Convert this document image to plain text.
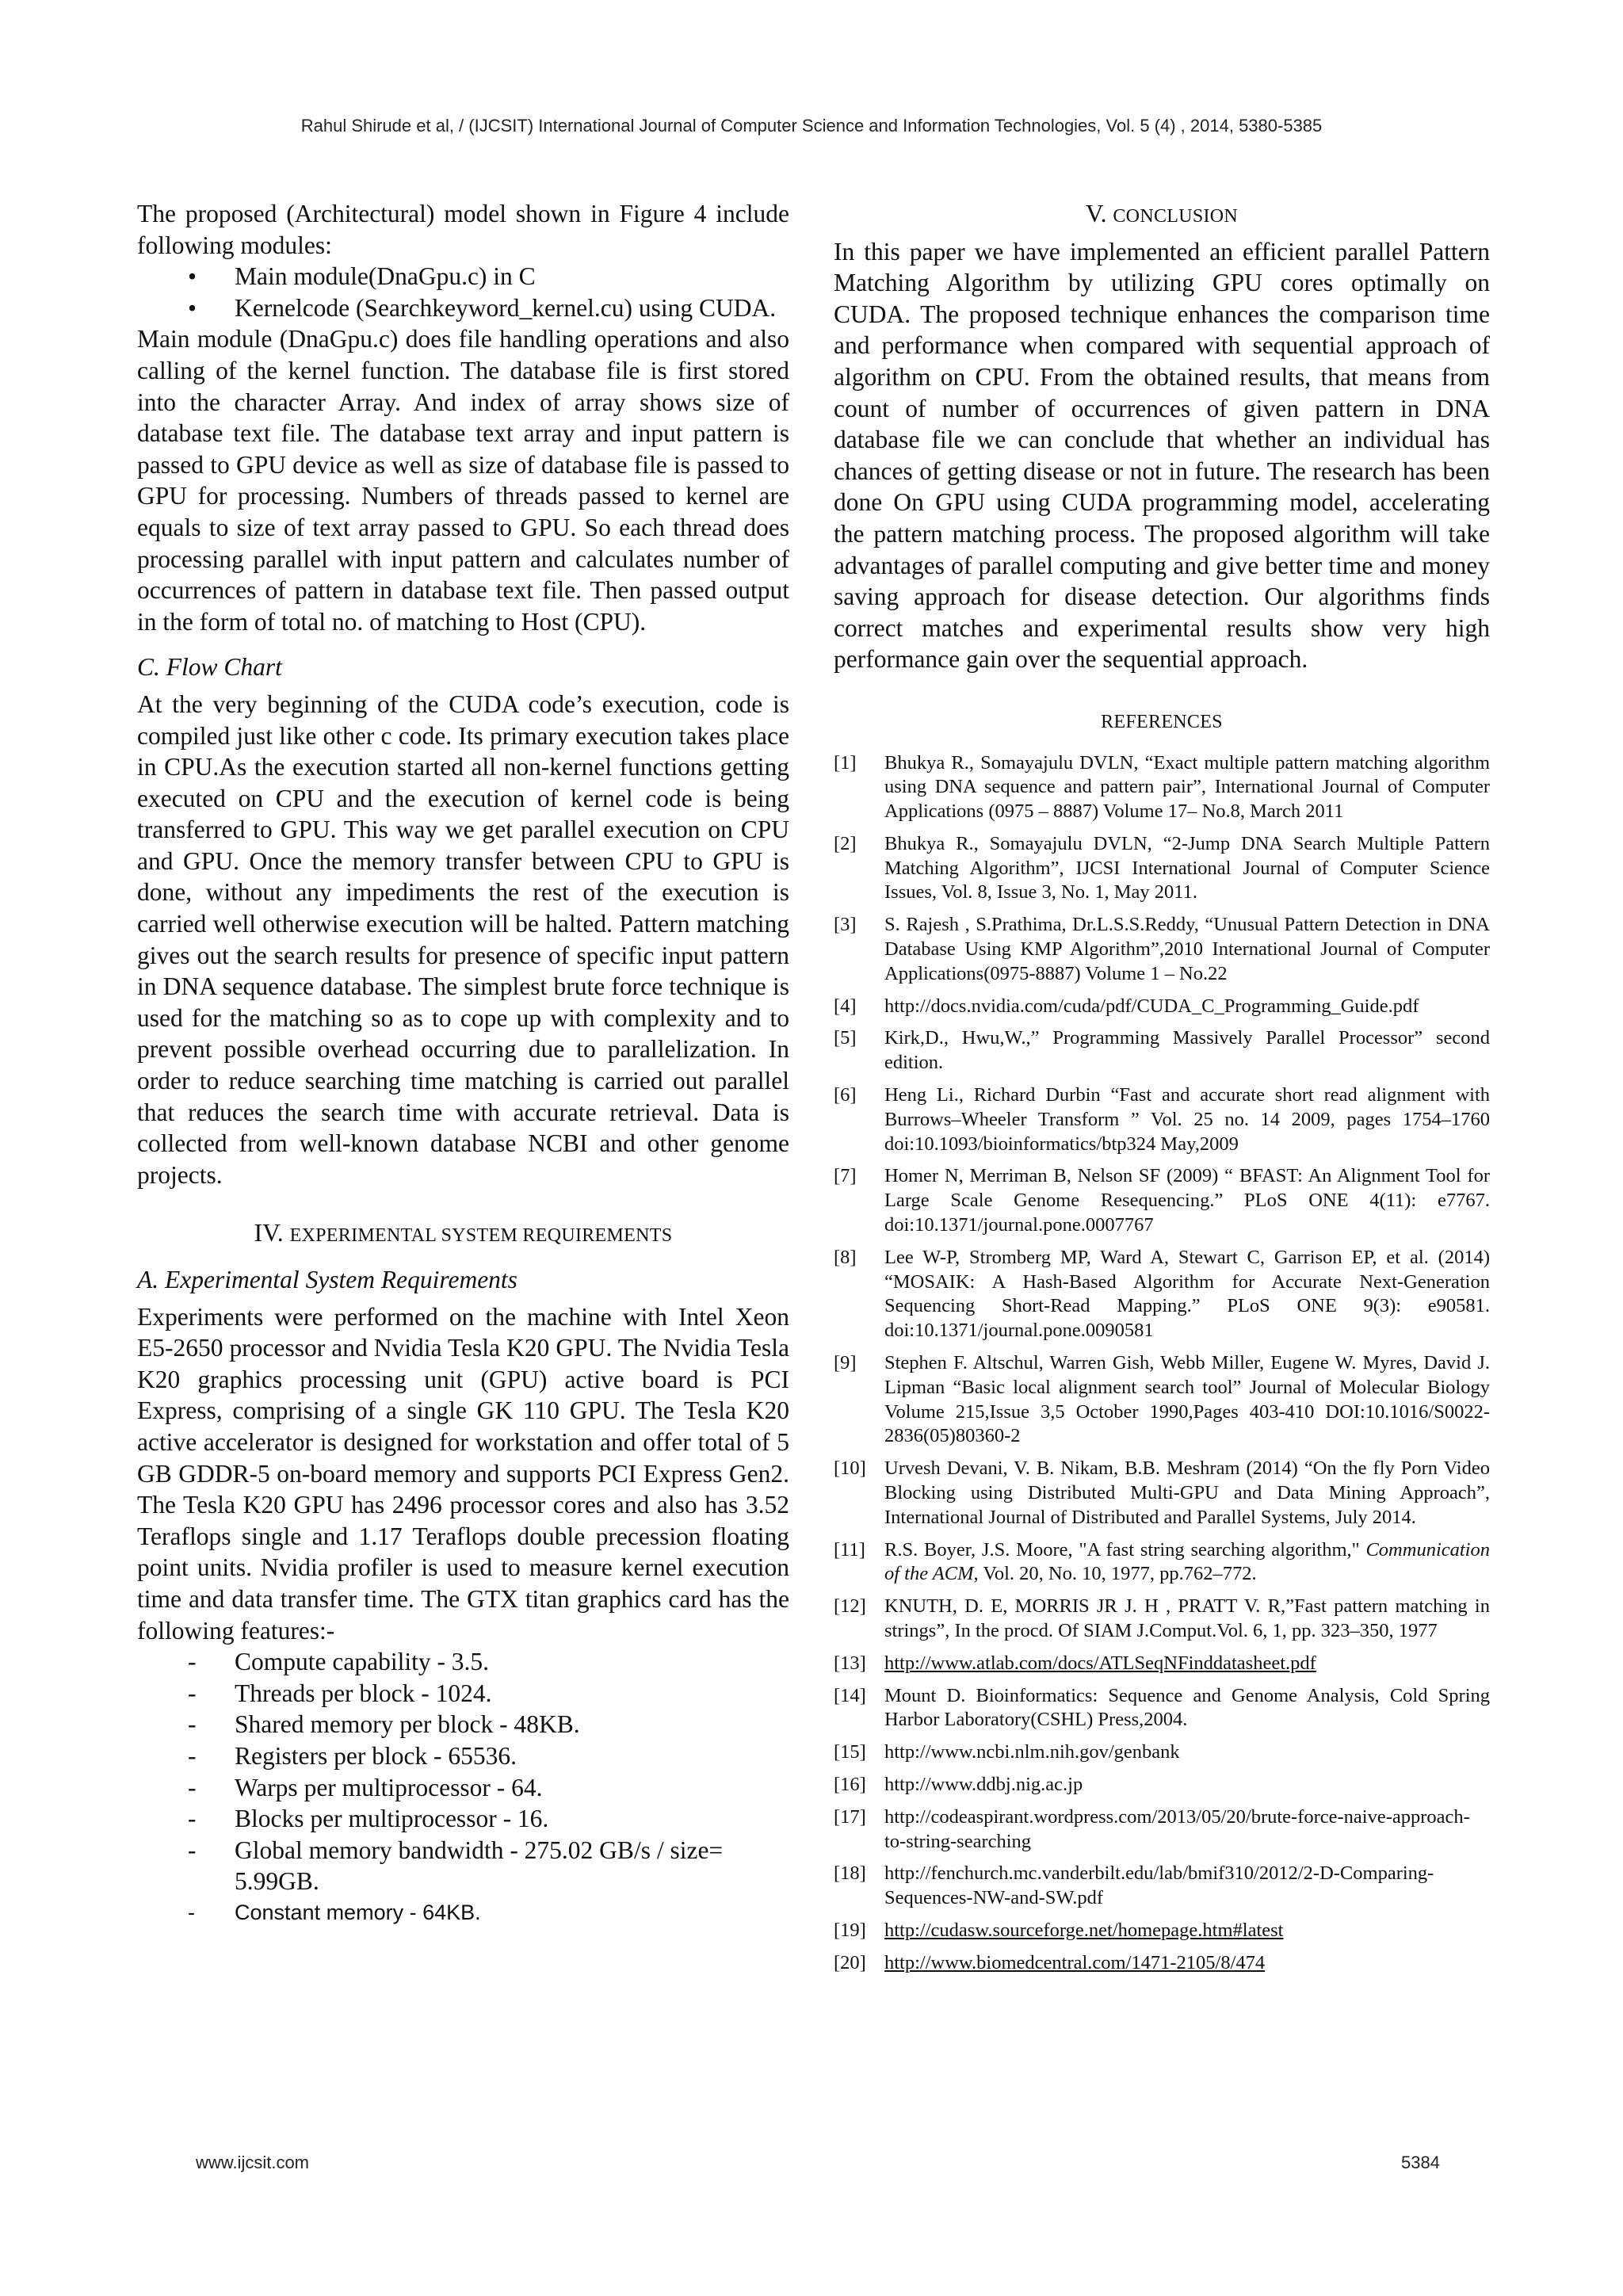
Rahul Shirude et al, / (IJCSIT) International Journal of Computer Science and Information Technologies, Vol. 5 (4) , 2014, 5380-5385

The proposed (Architectural) model shown in Figure 4 include following modules:

• Main module(DnaGpu.c) in C
• Kernelcode (Searchkeyword_kernel.cu) using CUDA.

Main module (DnaGpu.c) does file handling operations and also calling of the kernel function. The database file is first stored into the character Array. And index of array shows size of database text file. The database text array and input pattern is passed to GPU device as well as size of database file is passed to GPU for processing. Numbers of threads passed to kernel are equals to size of text array passed to GPU. So each thread does processing parallel with input pattern and calculates number of occurrences of pattern in database text file. Then passed output in the form of total no. of matching to Host (CPU).

C. Flow Chart

At the very beginning of the CUDA code’s execution, code is compiled just like other c code. Its primary execution takes place in CPU.As the execution started all non-kernel functions getting executed on CPU and the execution of kernel code is being transferred to GPU. This way we get parallel execution on CPU and GPU. Once the memory transfer between CPU to GPU is done, without any impediments the rest of the execution is carried well otherwise execution will be halted. Pattern matching gives out the search results for presence of specific input pattern in DNA sequence database. The simplest brute force technique is used for the matching so as to cope up with complexity and to prevent possible overhead occurring due to parallelization. In order to reduce searching time matching is carried out parallel that reduces the search time with accurate retrieval. Data is collected from well-known database NCBI and other genome projects.

IV. EXPERIMENTAL SYSTEM REQUIREMENTS
A. Experimental System Requirements

Experiments were performed on the machine with Intel Xeon E5-2650 processor and Nvidia Tesla K20 GPU. The Nvidia Tesla K20 graphics processing unit (GPU) active board is PCI Express, comprising of a single GK 110 GPU. The Tesla K20 active accelerator is designed for workstation and offer total of 5 GB GDDR-5 on-board memory and supports PCI Express Gen2. The Tesla K20 GPU has 2496 processor cores and also has 3.52 Teraflops single and 1.17 Teraflops double precession floating point units. Nvidia profiler is used to measure kernel execution time and data transfer time. The GTX titan graphics card has the following features:-

- Compute capability - 3.5.
- Threads per block - 1024.
- Shared memory per block - 48KB.
- Registers per block - 65536.
- Warps per multiprocessor - 64.
- Blocks per multiprocessor - 16.
- Global memory bandwidth - 275.02 GB/s / size= 5.99GB.
- Constant memory - 64KB.
V. CONCLUSION

In this paper we have implemented an efficient parallel Pattern Matching Algorithm by utilizing GPU cores optimally on CUDA. The proposed technique enhances the comparison time and performance when compared with sequential approach of algorithm on CPU. From the obtained results, that means from count of number of occurrences of given pattern in DNA database file we can conclude that whether an individual has chances of getting disease or not in future. The research has been done On GPU using CUDA programming model, accelerating the pattern matching process. The proposed algorithm will take advantages of parallel computing and give better time and money saving approach for disease detection. Our algorithms finds correct matches and experimental results show very high performance gain over the sequential approach.

REFERENCES
[1]	Bhukya R., Somayajulu DVLN, “Exact multiple pattern matching algorithm using DNA sequence and pattern pair”, International Journal of Computer Applications (0975 – 8887) Volume 17– No.8, March 2011
[2]	Bhukya R., Somayajulu DVLN, “2-Jump DNA Search Multiple Pattern Matching Algorithm”, IJCSI International Journal of Computer Science Issues, Vol. 8, Issue 3, No. 1, May 2011.
[3]	S. Rajesh , S.Prathima, Dr.L.S.S.Reddy, “Unusual Pattern Detection in DNA Database Using KMP Algorithm”,2010 International Journal of Computer Applications(0975-8887) Volume 1 – No.22
[4]	http://docs.nvidia.com/cuda/pdf/CUDA_C_Programming_Guide.pdf
[5]	Kirk,D., Hwu,W.,” Programming Massively Parallel Processor” second edition.
[6]	Heng Li., Richard Durbin “Fast and accurate short read alignment with Burrows–Wheeler Transform ” Vol. 25 no. 14 2009, pages 1754–1760 doi:10.1093/bioinformatics/btp324 May,2009
[7]	Homer N, Merriman B, Nelson SF (2009) “ BFAST: An Alignment Tool for Large Scale Genome Resequencing.” PLoS ONE 4(11): e7767. doi:10.1371/journal.pone.0007767
[8]	Lee W-P, Stromberg MP, Ward A, Stewart C, Garrison EP, et al. (2014) “MOSAIK: A Hash-Based Algorithm for Accurate Next-Generation Sequencing Short-Read Mapping.” PLoS ONE 9(3): e90581. doi:10.1371/journal.pone.0090581
[9]	Stephen F. Altschul, Warren Gish, Webb Miller, Eugene W. Myres, David J. Lipman “Basic local alignment search tool” Journal of Molecular Biology Volume 215,Issue 3,5 October 1990,Pages 403-410 DOI:10.1016/S0022-2836(05)80360-2
[10] Urvesh Devani, V. B. Nikam, B.B. Meshram (2014) “On the fly Porn Video Blocking using Distributed Multi-GPU and Data Mining Approach”, International Journal of Distributed and Parallel Systems, July 2014.
[11] R.S. Boyer, J.S. Moore, "A fast string searching algorithm," Communication of the ACM, Vol. 20, No. 10, 1977, pp.762–772.
[12] KNUTH, D. E, MORRIS JR J. H , PRATT V. R,”Fast pattern matching in strings”, In the procd. Of SIAM J.Comput.Vol. 6, 1, pp. 323–350, 1977
[13] http://www.atlab.com/docs/ATLSeqNFinddatasheet.pdf
[14] Mount D. Bioinformatics: Sequence and Genome Analysis, Cold Spring Harbor Laboratory(CSHL) Press,2004.
[15] http://www.ncbi.nlm.nih.gov/genbank
[16] http://www.ddbj.nig.ac.jp
[17] http://codeaspirant.wordpress.com/2013/05/20/brute-force-naive-approach-to-string-searching
[18] http://fenchurch.mc.vanderbilt.edu/lab/bmif310/2012/2-D-Comparing-Sequences-NW-and-SW.pdf
[19] http://cudasw.sourceforge.net/homepage.htm#latest
[20] http://www.biomedcentral.com/1471-2105/8/474
www.ijcsit.com	5384
